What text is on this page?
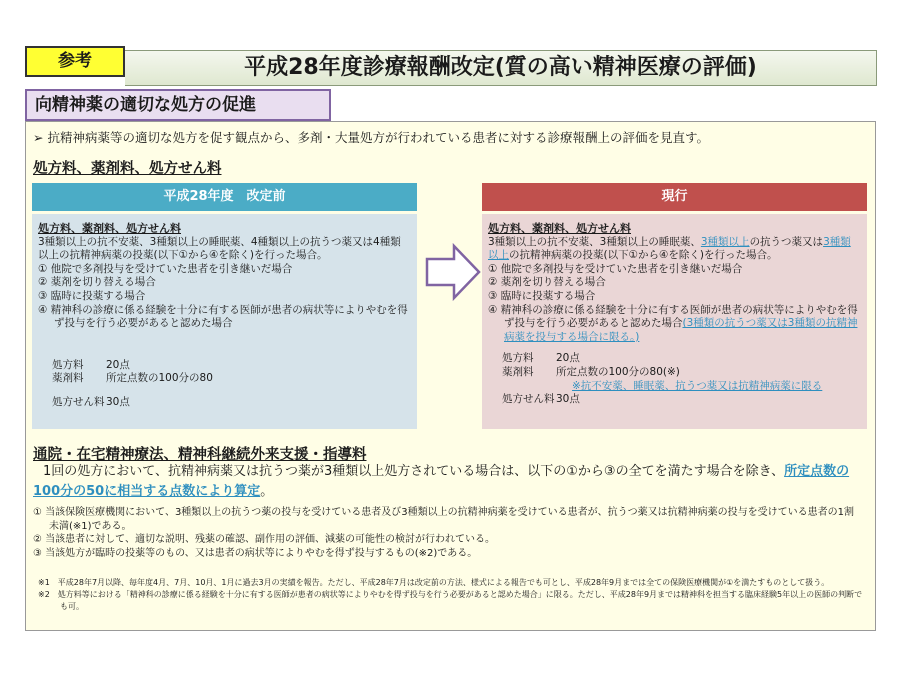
参考	平成28年度診療報酬改定(質の高い精神医療の評価)
向精神薬の適切な処方の促進
➢ 抗精神病薬等の適切な処方を促す観点から、多剤・大量処方が行われている患者に対する診療報酬上の評価を見直す。
処方料、薬剤料、処方せん料
平成28年度　改定前
処方料、薬剤料、処方せん料
3種類以上の抗不安薬、3種類以上の睡眠薬、4種類以上の抗うつ薬又は4種類以上の抗精神病薬の投薬(以下①から④を除く)を行った場合。
① 他院で多剤投与を受けていた患者を引き継いだ場合
② 薬剤を切り替える場合
③ 臨時に投薬する場合
④ 精神科の診療に係る経験を十分に有する医師が患者の病状等によりやむを得ず投与を行う必要があると認めた場合
処方料	20点
薬剤料	所定点数の100分の80
処方せん料 30点
現行
処方料、薬剤料、処方せん料
3種類以上の抗不安薬、3種類以上の睡眠薬、3種類以上の抗うつ薬又は3種類以上の抗精神病薬の投薬(以下①から④を除く)を行った場合。
① 他院で多剤投与を受けていた患者を引き継いだ場合
② 薬剤を切り替える場合
③ 臨時に投薬する場合
④ 精神科の診療に係る経験を十分に有する医師が患者の病状等によりやむを得ず投与を行う必要があると認めた場合(3種類の抗うつ薬又は3種類の抗精神病薬を投与する場合に限る。)
処方料	20点
薬剤料	所定点数の100分の80(※)
※抗不安薬、睡眠薬、抗うつ薬又は抗精神病薬に限る
処方せん料 30点
通院・在宅精神療法、精神科継続外来支援・指導料
1回の処方において、抗精神病薬又は抗うつ薬が3種類以上処方されている場合は、以下の①から③の全てを満たす場合を除き、所定点数の100分の50に相当する点数により算定。
① 当該保険医療機関において、3種類以上の抗うつ薬の投与を受けている患者及び3種類以上の抗精神病薬を受けている患者が、抗うつ薬又は抗精神病薬の投与を受けている患者の1割未満(※1)である。
② 当該患者に対して、適切な説明、残薬の確認、副作用の評価、減薬の可能性の検討が行われている。
③ 当該処方が臨時の投薬等のもの、又は患者の病状等によりやむを得ず投与するもの(※2)である。
※1　平成28年7月以降、毎年度4月、7月、10月、1月に過去3月の実績を報告。ただし、平成28年7月は改定前の方法、様式による報告でも可とし、平成28年9月までは全ての保険医療機関が①を満たすものとして扱う。
※2　処方料等における「精神科の診療に係る経験を十分に有する医師が患者の病状等によりやむを得ず投与を行う必要があると認めた場合」に限る。ただし、平成28年9月までは精神科を担当する臨床経験5年以上の医師の判断でも可。
